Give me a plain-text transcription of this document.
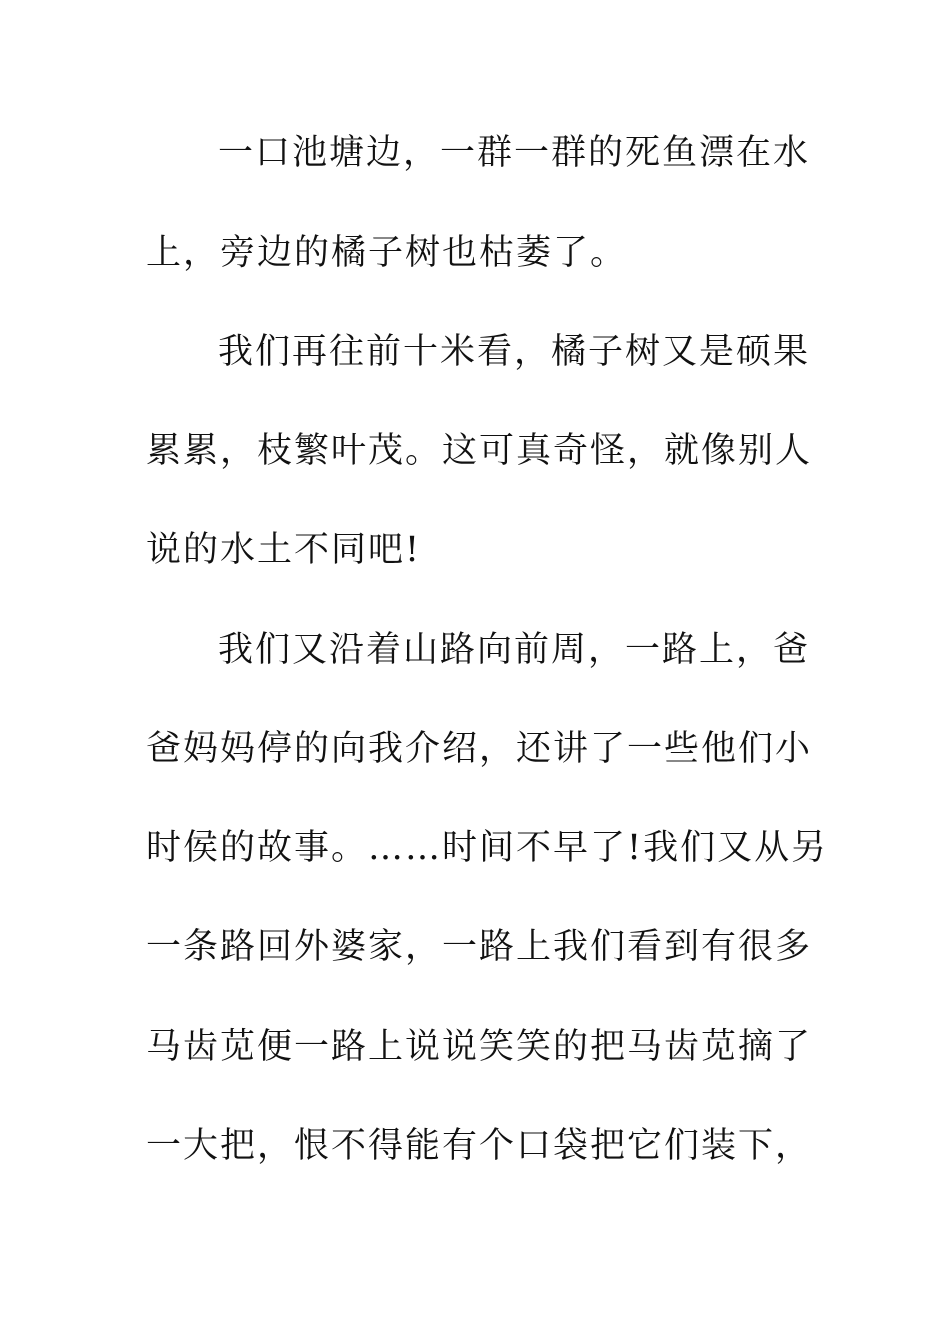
一口池塘边，一群一群的死鱼漂在水
上，旁边的橘子树也枯萎了。
我们再往前十米看，橘子树又是硕果
累累，枝繁叶茂。这可真奇怪，就像别人
说的水土不同吧!
我们又沿着山路向前周，一路上，爸
爸妈妈停的向我介绍，还讲了一些他们小
时侯的故事。……时间不早了!我们又从另
一条路回外婆家，一路上我们看到有很多
马齿苋便一路上说说笑笑的把马齿苋摘了
一大把，恨不得能有个口袋把它们装下，
